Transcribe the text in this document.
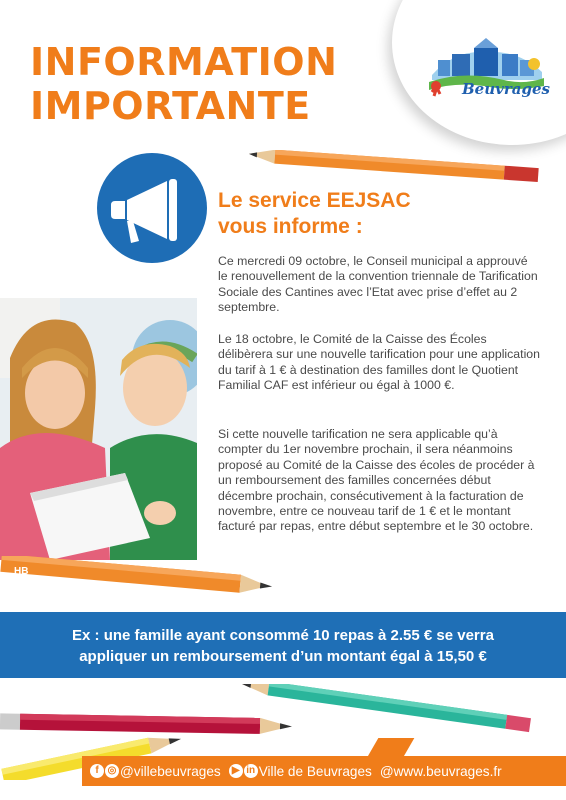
INFORMATION
IMPORTANTE	Beuvrages
Le service EEJSAC
vous informe :

Ce mercredi 09 octobre, le Conseil municipal a approuvé le renouvellement de la convention triennale de Tarification Sociale des Cantines avec l’Etat avec prise d’effet au 2 septembre.

Le 18 octobre, le Comité de la Caisse des Écoles délibèrera sur une nouvelle tarification pour une application du tarif à 1 € à destination des familles dont le Quotient Familial CAF est inférieur ou égal à 1000 €.

Si cette nouvelle tarification ne sera applicable qu’à compter du 1er novembre prochain, il sera néanmoins proposé au Comité de la Caisse des écoles de procéder à un remboursement des familles concernées début décembre prochain, consécutivement à la facturation de novembre, entre ce nouveau tarif de 1 € et le montant facturé par repas, entre début septembre et le 30 octobre.

HB
Ex : une famille ayant consommé 10 repas à 2.55 € se verra
appliquer un remboursement d’un montant égal à 15,50 €
f ◎ @villebeuvrages	▶ in Ville de Beuvrages @www.beuvrages.fr
